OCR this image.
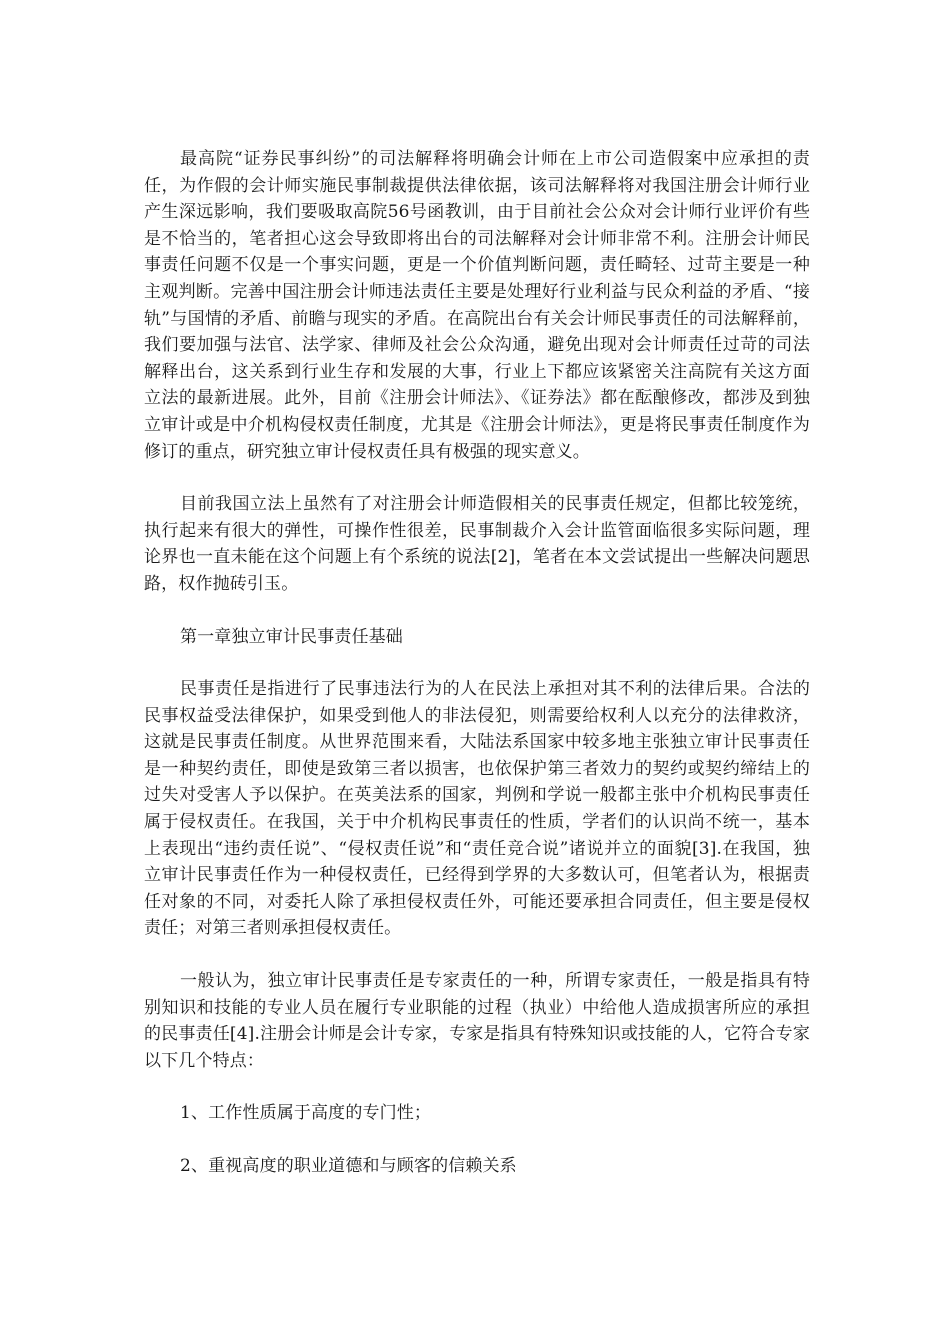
最高院“证券民事纠纷”的司法解释将明确会计师在上市公司造假案中应承担的责任，为作假的会计师实施民事制裁提供法律依据，该司法解释将对我国注册会计师行业产生深远影响，我们要吸取高院56号函教训，由于目前社会公众对会计师行业评价有些是不恰当的，笔者担心这会导致即将出台的司法解释对会计师非常不利。注册会计师民事责任问题不仅是一个事实问题，更是一个价值判断问题，责任畸轻、过苛主要是一种主观判断。完善中国注册会计师违法责任主要是处理好行业利益与民众利益的矛盾、“接轨”与国情的矛盾、前瞻与现实的矛盾。在高院出台有关会计师民事责任的司法解释前，我们要加强与法官、法学家、律师及社会公众沟通，避免出现对会计师责任过苛的司法解释出台，这关系到行业生存和发展的大事，行业上下都应该紧密关注高院有关这方面立法的最新进展。此外，目前《注册会计师法》、《证券法》都在酝酿修改，都涉及到独立审计或是中介机构侵权责任制度，尤其是《注册会计师法》，更是将民事责任制度作为修订的重点，研究独立审计侵权责任具有极强的现实意义。

目前我国立法上虽然有了对注册会计师造假相关的民事责任规定，但都比较笼统，执行起来有很大的弹性，可操作性很差，民事制裁介入会计监管面临很多实际问题，理论界也一直未能在这个问题上有个系统的说法[2]，笔者在本文尝试提出一些解决问题思路，权作抛砖引玉。

第一章独立审计民事责任基础

民事责任是指进行了民事违法行为的人在民法上承担对其不利的法律后果。合法的民事权益受法律保护，如果受到他人的非法侵犯，则需要给权利人以充分的法律救济，这就是民事责任制度。从世界范围来看，大陆法系国家中较多地主张独立审计民事责任是一种契约责任，即使是致第三者以损害，也依保护第三者效力的契约或契约缔结上的过失对受害人予以保护。在英美法系的国家，判例和学说一般都主张中介机构民事责任属于侵权责任。在我国，关于中介机构民事责任的性质，学者们的认识尚不统一，基本上表现出“违约责任说”、“侵权责任说”和“责任竞合说”诸说并立的面貌[3].在我国，独立审计民事责任作为一种侵权责任，已经得到学界的大多数认可，但笔者认为，根据责任对象的不同，对委托人除了承担侵权责任外，可能还要承担合同责任，但主要是侵权责任；对第三者则承担侵权责任。

一般认为，独立审计民事责任是专家责任的一种，所谓专家责任，一般是指具有特别知识和技能的专业人员在履行专业职能的过程（执业）中给他人造成损害所应的承担的民事责任[4].注册会计师是会计专家，专家是指具有特殊知识或技能的人，它符合专家以下几个特点：

1、工作性质属于高度的专门性；

2、重视高度的职业道德和与顾客的信赖关系
